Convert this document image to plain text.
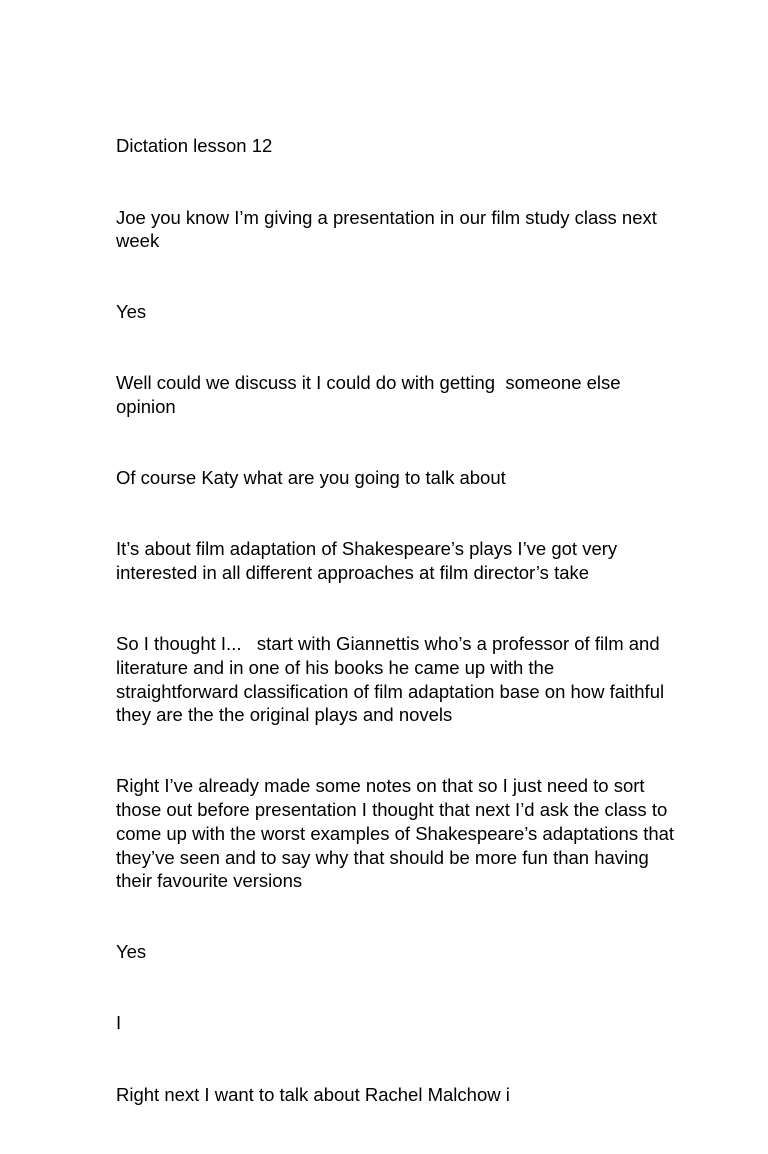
Dictation lesson 12

Joe you know I’m giving a presentation in our film study class next week

Yes

Well could we discuss it I could do with getting  someone else opinion

Of course Katy what are you going to talk about

It’s about film adaptation of Shakespeare’s plays I’ve got very interested in all different approaches at film director’s take

So I thought I...   start with Giannettis who’s a professor of film and literature and in one of his books he came up with the straightforward classification of film adaptation base on how faithful they are the the original plays and novels

Right I’ve already made some notes on that so I just need to sort those out before presentation I thought that next I’d ask the class to come up with the worst examples of Shakespeare’s adaptations that they’ve seen and to say why that should be more fun than having their favourite versions

Yes

I

Right next I want to talk about Rachel Malchow i
